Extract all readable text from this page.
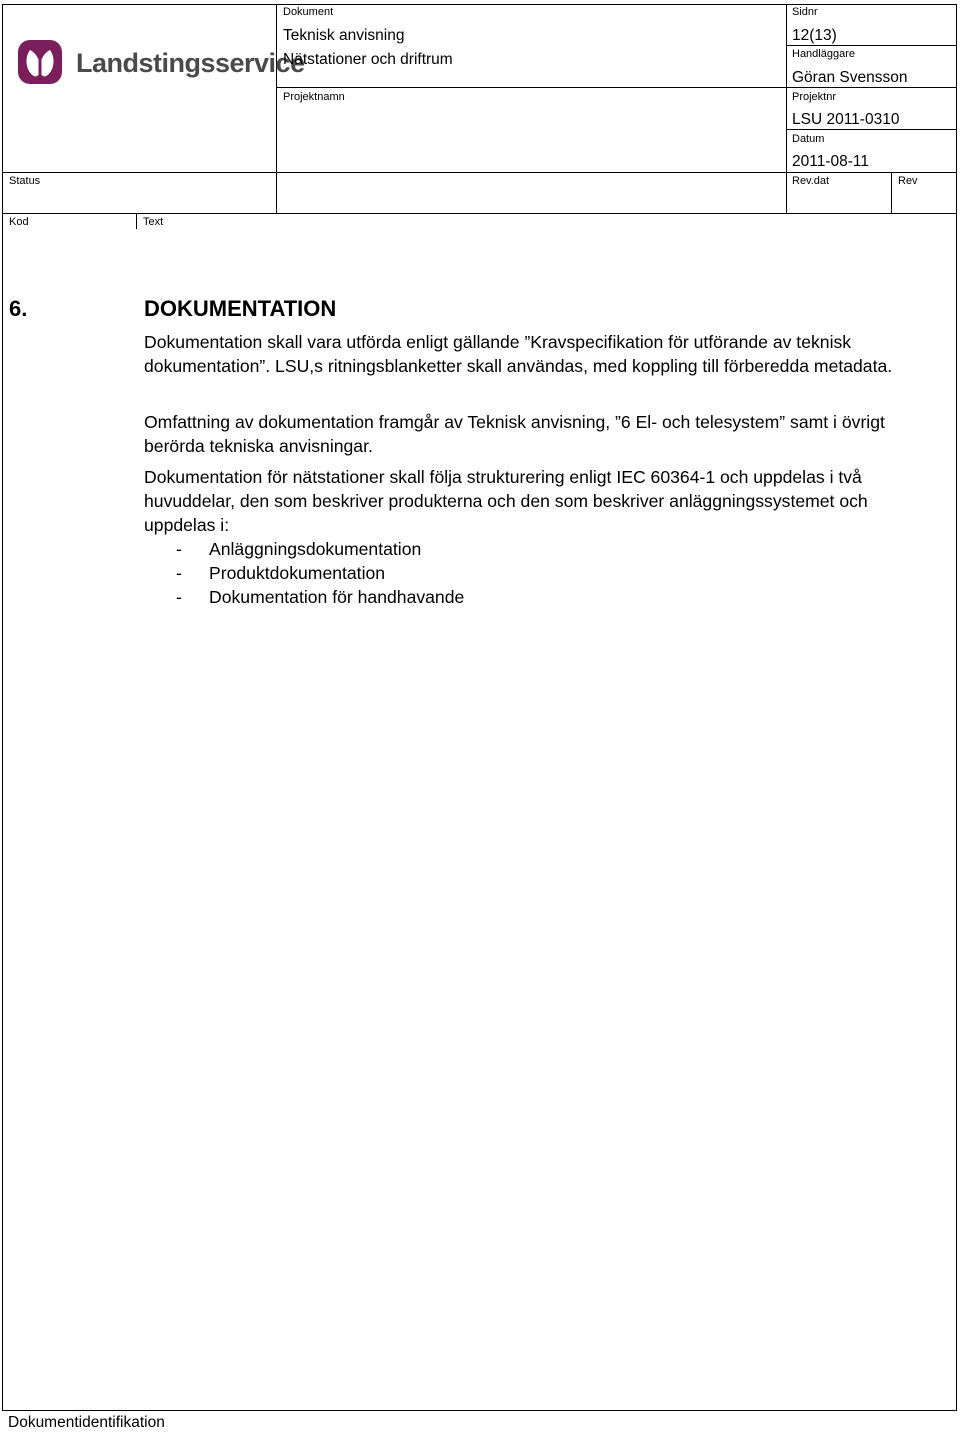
Landstingsservice
Dokument
Teknisk anvisning
Nätstationer och driftrum
Sidnr
12(13)
Handläggare
Göran Svensson
Projektnamn	Projektnr
LSU 2011-0310
Datum
2011-08-11
Status	Rev.dat	Rev
Kod	Text
6.	DOKUMENTATION

Dokumentation skall vara utförda enligt gällande ”Kravspecifikation för utförande av teknisk dokumentation”. LSU,s ritningsblanketter skall användas, med koppling till förberedda metadata.

Omfattning av dokumentation framgår av Teknisk anvisning, ”6 El- och telesystem” samt i övrigt berörda tekniska anvisningar.

Dokumentation för nätstationer skall följa strukturering enligt IEC 60364-1 och uppdelas i två huvuddelar, den som beskriver produkterna och den som beskriver anläggningssystemet och uppdelas i:

- Anläggningsdokumentation
- Produktdokumentation
- Dokumentation för handhavande
Dokumentidentifikation
